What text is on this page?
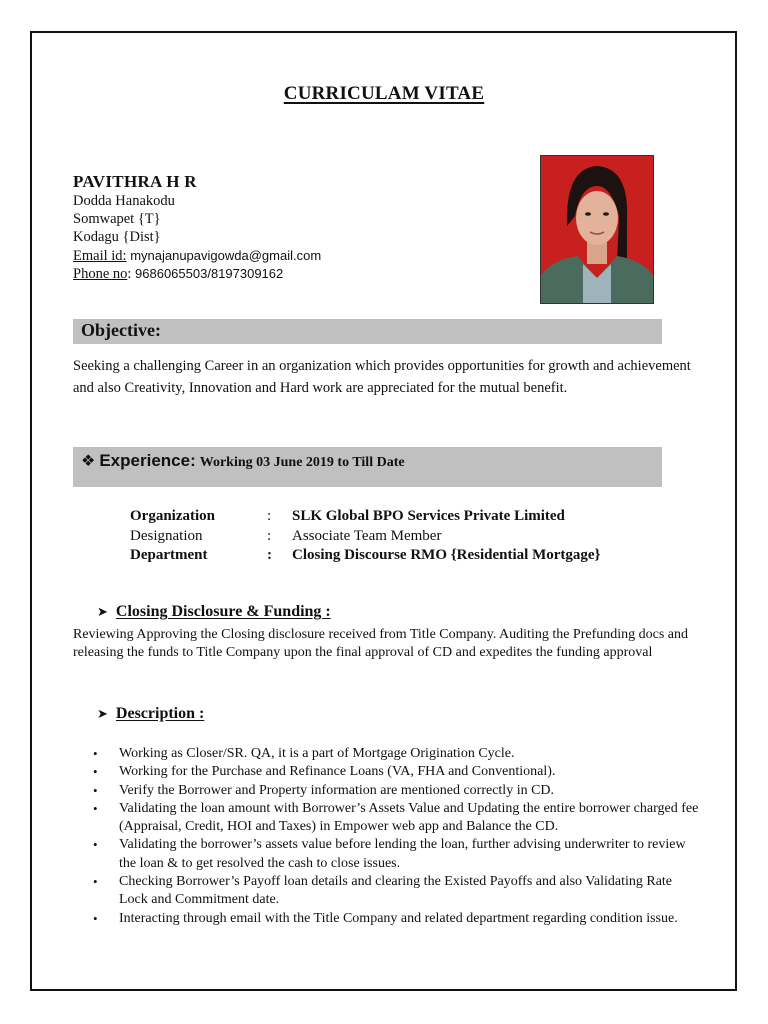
CURRICULAM VITAE
PAVITHRA H R
Dodda Hanakodu
Somwapet {T}
Kodagu {Dist}
Email id: mynajanupavigowda@gmail.com
Phone no: 9686065503/8197309162
Objective:
Seeking a challenging Career in an organization which provides opportunities for growth and achievement and also Creativity, Innovation and Hard work are appreciated for the mutual benefit.
❖ Experience: Working 03 June 2019 to Till Date
Organization	:	SLK Global BPO Services Private Limited
Designation	:	Associate Team Member
Department	:	Closing Discourse RMO {Residential Mortgage}
➤ Closing Disclosure & Funding :
Reviewing Approving the Closing disclosure received from Title Company. Auditing the Prefunding docs and releasing the funds to Title Company upon the final approval of CD and expedites the funding approval
➤ Description :
• Working as Closer/SR. QA, it is a part of Mortgage Origination Cycle.
• Working for the Purchase and Refinance Loans (VA, FHA and Conventional).
• Verify the Borrower and Property information are mentioned correctly in CD.
• Validating the loan amount with Borrower’s Assets Value and Updating the entire borrower charged fee (Appraisal, Credit, HOI and Taxes) in Empower web app and Balance the CD.
• Validating the borrower’s assets value before lending the loan, further advising underwriter to review the loan & to get resolved the cash to close issues.
• Checking Borrower’s Payoff loan details and clearing the Existed Payoffs and also Validating Rate Lock and Commitment date.
• Interacting through email with the Title Company and related department regarding condition issue.
